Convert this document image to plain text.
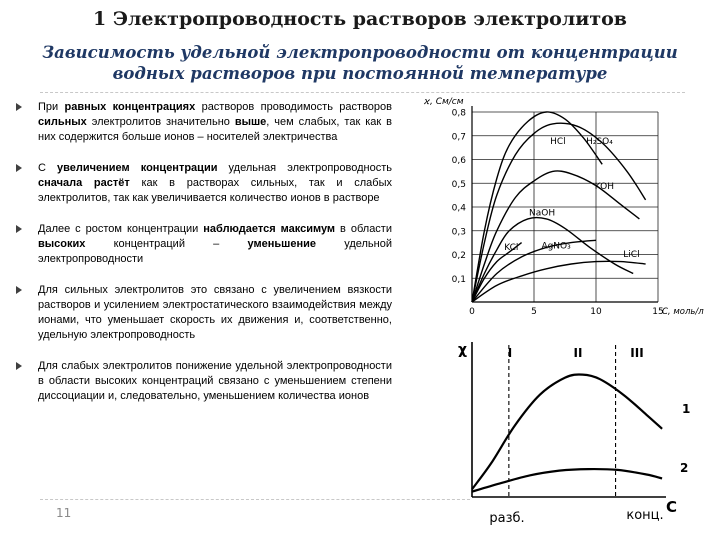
1 Электропроводность растворов электролитов
Зависимость удельной электропроводности от концентрации
водных растворов при постоянной температуре
При равных концентрациях растворов проводимость растворов сильных электролитов значительно выше, чем слабых, так как в них содержится больше ионов – носителей электричества
С увеличением концентрации удельная электропроводность сначала растёт как в растворах сильных, так и слабых электролитов, так как увеличивается количество ионов в растворе
Далее с ростом концентрации наблюдается максимум в области высоких концентраций – уменьшение удельной электропроводности
Для сильных электролитов это связано с увеличением вязкости растворов и усилением электростатического взаимодействия между ионами, что уменьшает скорость их движения и, соответственно, удельную электропроводность
Для слабых электролитов понижение удельной электропроводности в области высоких концентраций связано с уменьшением степени диссоциации и, следовательно, уменьшением количества ионов
11
0,1
0,2
0,3
0,4
0,5
0,6
0,7
0,8
0	5	10	15
ϰ, См/см
C, моль/л
HCl H₂SO₄
KOH
NaOH
KCl	AgNO₃
LiCl
χ
C
I	II	III
1
2
разб.	конц.
